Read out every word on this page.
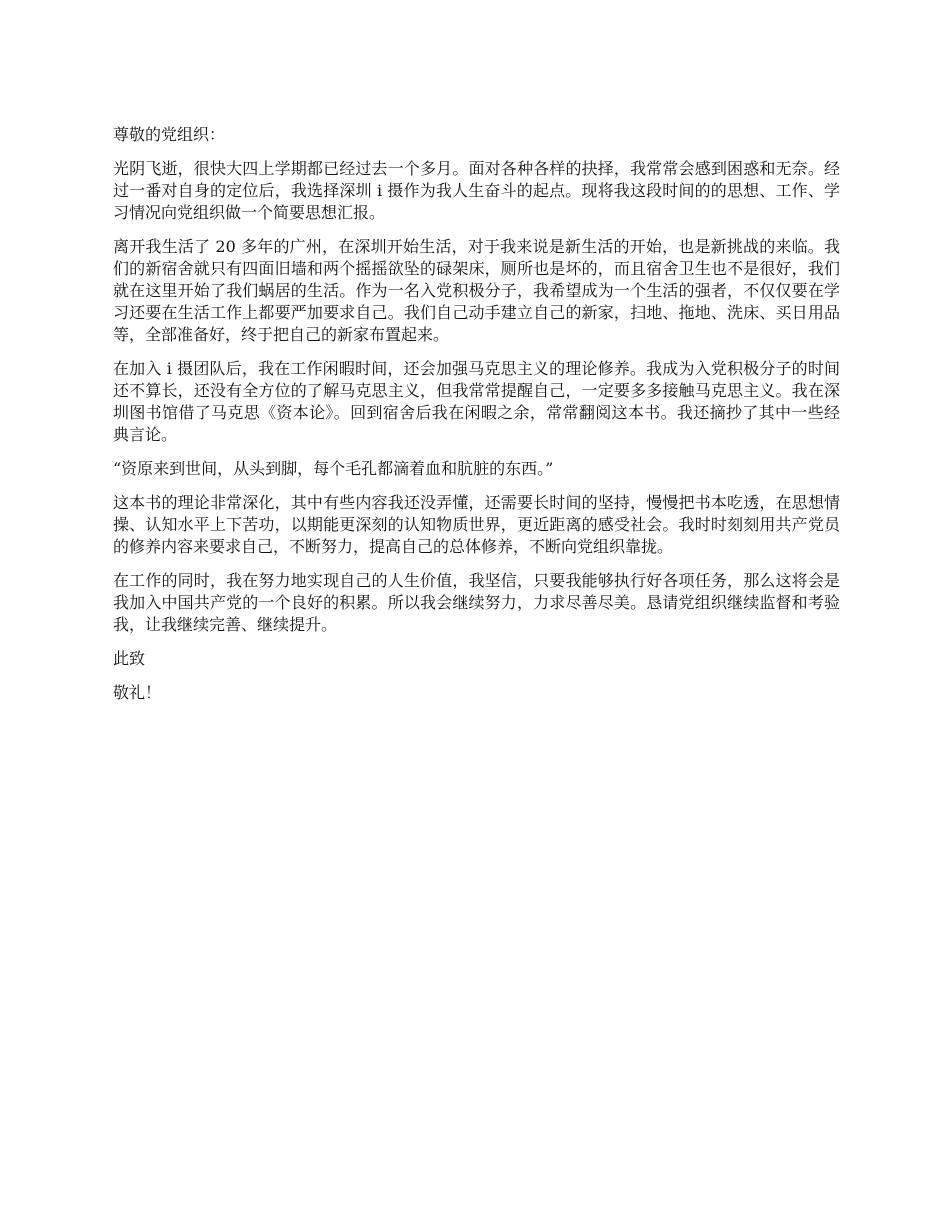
尊敬的党组织：

光阴飞逝，很快大四上学期都已经过去一个多月。面对各种各样的抉择，我常常会感到困惑和无奈。经过一番对自身的定位后，我选择深圳 i 摄作为我人生奋斗的起点。现将我这段时间的的思想、工作、学习情况向党组织做一个简要思想汇报。

离开我生活了 20 多年的广州，在深圳开始生活，对于我来说是新生活的开始，也是新挑战的来临。我们的新宿舍就只有四面旧墙和两个摇摇欲坠的碌架床，厕所也是坏的，而且宿舍卫生也不是很好，我们就在这里开始了我们蜗居的生活。作为一名入党积极分子，我希望成为一个生活的强者，不仅仅要在学习还要在生活工作上都要严加要求自己。我们自己动手建立自己的新家，扫地、拖地、洗床、买日用品等，全部准备好，终于把自己的新家布置起来。

在加入 i 摄团队后，我在工作闲暇时间，还会加强马克思主义的理论修养。我成为入党积极分子的时间还不算长，还没有全方位的了解马克思主义，但我常常提醒自己，一定要多多接触马克思主义。我在深圳图书馆借了马克思《资本论》。回到宿舍后我在闲暇之余，常常翻阅这本书。我还摘抄了其中一些经典言论。

“资原来到世间，从头到脚，每个毛孔都滴着血和肮脏的东西。”

这本书的理论非常深化，其中有些内容我还没弄懂，还需要长时间的坚持，慢慢把书本吃透，在思想情操、认知水平上下苦功，以期能更深刻的认知物质世界，更近距离的感受社会。我时时刻刻用共产党员的修养内容来要求自己，不断努力，提高自己的总体修养，不断向党组织靠拢。

在工作的同时，我在努力地实现自己的人生价值，我坚信，只要我能够执行好各项任务，那么这将会是我加入中国共产党的一个良好的积累。所以我会继续努力，力求尽善尽美。恳请党组织继续监督和考验我，让我继续完善、继续提升。

此致

敬礼！
